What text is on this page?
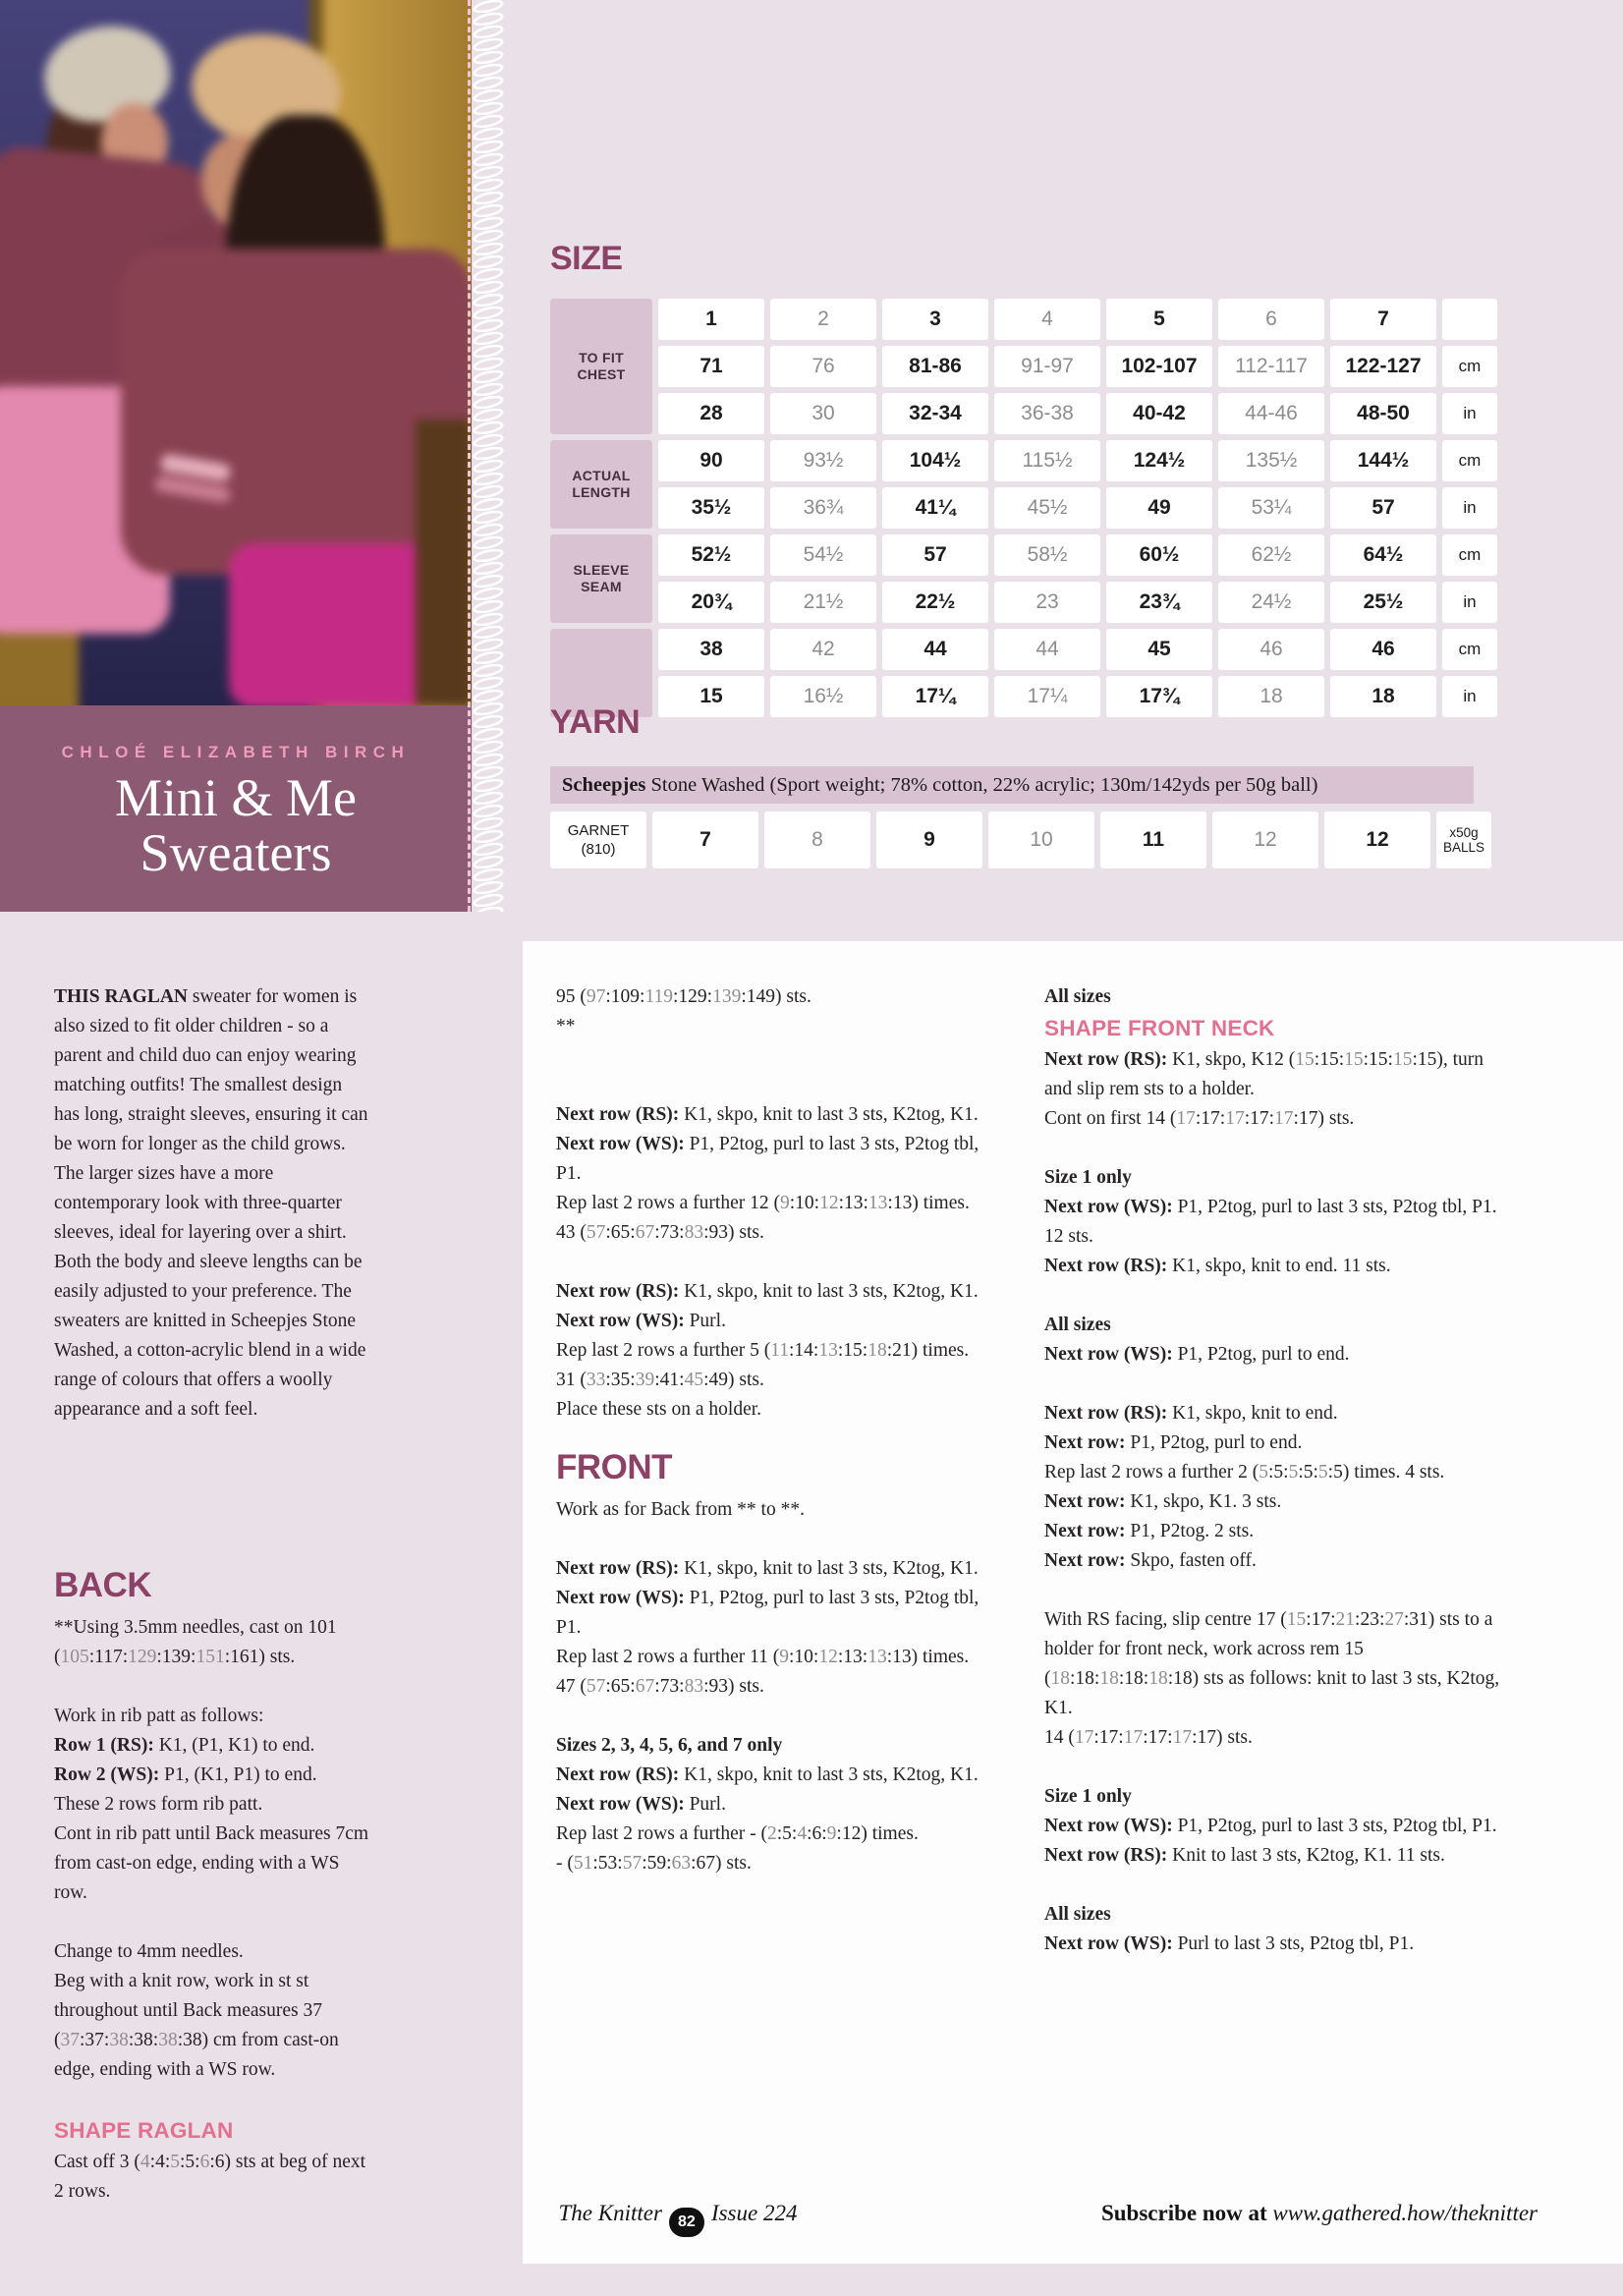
CHLOÉ ELIZABETH BIRCH
Mini & Me
Sweaters
SIZE
TO FIT CHEST	1	2	3	4	5	6	7	
	71	76	81-86	91-97	102-107	112-117	122-127	cm
	28	30	32-34	36-38	40-42	44-46	48-50	in
ACTUAL LENGTH	90	93½	104½	115½	124½	135½	144½	cm
	35½	36¾	41¼	45½	49	53¼	57	in
SLEEVE SEAM	52½	54½	57	58½	60½	62½	64½	cm
	20¾	21½	22½	23	23¾	24½	25½	in
	38	42	44	44	45	46	46	cm
	15	16½	17¼	17¼	17¾	18	18	in
YARN
Scheepjes Stone Washed (Sport weight; 78% cotton, 22% acrylic; 130m/142yds per 50g ball)
GARNET
(810)	7	8	9	10	11	12	12	x50g
BALLS

THIS RAGLAN sweater for women is also sized to fit older children - so a parent and child duo can enjoy wearing matching outfits! The smallest design has long, straight sleeves, ensuring it can be worn for longer as the child grows. The larger sizes have a more contemporary look with three-quarter sleeves, ideal for layering over a shirt. Both the body and sleeve lengths can be easily adjusted to your preference. The sweaters are knitted in Scheepjes Stone Washed, a cotton-acrylic blend in a wide range of colours that offers a woolly appearance and a soft feel.

BACK

**Using 3.5mm needles, cast on 101 (105:117:129:139:151:161) sts.

Work in rib patt as follows:

Row 1 (RS): K1, (P1, K1) to end.

Row 2 (WS): P1, (K1, P1) to end.

These 2 rows form rib patt.

Cont in rib patt until Back measures 7cm from cast-on edge, ending with a WS row.

Change to 4mm needles.

Beg with a knit row, work in st st throughout until Back measures 37 (37:37:38:38:38:38) cm from cast-on edge, ending with a WS row.

SHAPE RAGLAN

Cast off 3 (4:4:5:5:6:6) sts at beg of next 2 rows.

95 (97:109:119:129:139:149) sts.

**

Next row (RS): K1, skpo, knit to last 3 sts, K2tog, K1.

Next row (WS): P1, P2tog, purl to last 3 sts, P2tog tbl, P1.

Rep last 2 rows a further 12 (9:10:12:13:13:13) times.

43 (57:65:67:73:83:93) sts.

Next row (RS): K1, skpo, knit to last 3 sts, K2tog, K1.

Next row (WS): Purl.

Rep last 2 rows a further 5 (11:14:13:15:18:21) times.

31 (33:35:39:41:45:49) sts.

Place these sts on a holder.

FRONT

Work as for Back from ** to **.

Next row (RS): K1, skpo, knit to last 3 sts, K2tog, K1.

Next row (WS): P1, P2tog, purl to last 3 sts, P2tog tbl, P1.

Rep last 2 rows a further 11 (9:10:12:13:13:13) times.

47 (57:65:67:73:83:93) sts.

Sizes 2, 3, 4, 5, 6, and 7 only

Next row (RS): K1, skpo, knit to last 3 sts, K2tog, K1.

Next row (WS): Purl.

Rep last 2 rows a further - (2:5:4:6:9:12) times.

- (51:53:57:59:63:67) sts.

All sizes

SHAPE FRONT NECK

Next row (RS): K1, skpo, K12 (15:15:15:15:15:15), turn and slip rem sts to a holder.

Cont on first 14 (17:17:17:17:17:17) sts.

Size 1 only

Next row (WS): P1, P2tog, purl to last 3 sts, P2tog tbl, P1. 12 sts.

Next row (RS): K1, skpo, knit to end. 11 sts.

All sizes

Next row (WS): P1, P2tog, purl to end.

Next row (RS): K1, skpo, knit to end.

Next row: P1, P2tog, purl to end.

Rep last 2 rows a further 2 (5:5:5:5:5:5) times. 4 sts.

Next row: K1, skpo, K1. 3 sts.

Next row: P1, P2tog. 2 sts.

Next row: Skpo, fasten off.

With RS facing, slip centre 17 (15:17:21:23:27:31) sts to a holder for front neck, work across rem 15 (18:18:18:18:18:18) sts as follows: knit to last 3 sts, K2tog, K1.

14 (17:17:17:17:17:17) sts.

Size 1 only

Next row (WS): P1, P2tog, purl to last 3 sts, P2tog tbl, P1.

Next row (RS): Knit to last 3 sts, K2tog, K1. 11 sts.

All sizes

Next row (WS): Purl to last 3 sts, P2tog tbl, P1.

The Knitter 82 Issue 224	Subscribe now at www.gathered.how/theknitter
